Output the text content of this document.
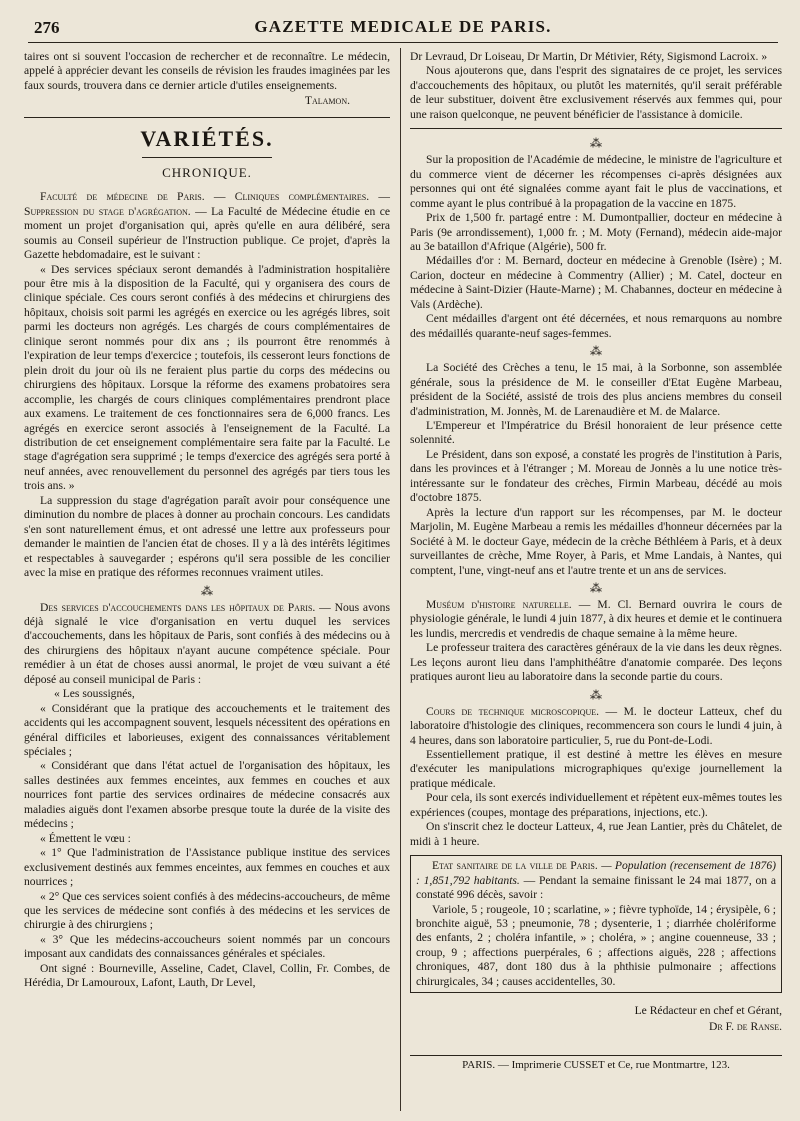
276	GAZETTE MEDICALE DE PARIS.

taires ont si souvent l'occasion de rechercher et de reconnaître. Le médecin, appelé à apprécier devant les conseils de révision les fraudes imaginées par les faux sourds, trouvera dans ce dernier article d'utiles enseignements.

Talamon.
VARIÉTÉS.
CHRONIQUE.

Faculté de médecine de Paris. — Cliniques complémentaires. — Suppression du stage d'agrégation. — La Faculté de Médecine étudie en ce moment un projet d'organisation qui, après qu'elle en aura délibéré, sera soumis au Conseil supérieur de l'Instruction publique. Ce projet, d'après la Gazette hebdomadaire, est le suivant :

« Des services spéciaux seront demandés à l'administration hospitalière pour être mis à la disposition de la Faculté, qui y organisera des cours de clinique spéciale. Ces cours seront confiés à des médecins et chirurgiens des hôpitaux, choisis soit parmi les agrégés en exercice ou les agrégés libres, soit parmi les docteurs non agrégés. Les chargés de cours complémentaires de clinique seront nommés pour dix ans ; ils pourront être renommés à l'expiration de leur temps d'exercice ; toutefois, ils cesseront leurs fonctions de plein droit du jour où ils ne feraient plus partie du corps des médecins ou chirurgiens des hôpitaux. Lorsque la réforme des examens probatoires sera accomplie, les chargés de cours cliniques complémentaires prendront place aux examens. Le traitement de ces fonctionnaires sera de 6,000 francs. Les agrégés en exercice seront associés à l'enseignement de la Faculté. La distribution de cet enseignement complémentaire sera faite par la Faculté. Le stage d'agrégation sera supprimé ; le temps d'exercice des agrégés sera porté à neuf années, avec renouvellement du personnel des agrégés par tiers tous les trois ans. »

La suppression du stage d'agrégation paraît avoir pour conséquence une diminution du nombre de places à donner au prochain concours. Les candidats s'en sont naturellement émus, et ont adressé une lettre aux professeurs pour demander le maintien de l'ancien état de choses. Il y a là des intérêts légitimes et respectables à sauvegarder ; espérons qu'il sera possible de les concilier avec la mise en pratique des réformes reconnues vraiment utiles.

⁂

Des services d'accouchements dans les hôpitaux de Paris. — Nous avons déjà signalé le vice d'organisation en vertu duquel les services d'accouchements, dans les hôpitaux de Paris, sont confiés à des médecins ou à des chirurgiens des hôpitaux n'ayant aucune compétence spéciale. Pour remédier à un état de choses aussi anormal, le projet de vœu suivant a été déposé au conseil municipal de Paris :

« Les soussignés,

« Considérant que la pratique des accouchements et le traitement des accidents qui les accompagnent souvent, lesquels nécessitent des opérations en général difficiles et laborieuses, exigent des connaissances véritablement spéciales ;

« Considérant que dans l'état actuel de l'organisation des hôpitaux, les salles destinées aux femmes enceintes, aux femmes en couches et aux nourrices font partie des services ordinaires de médecine consacrés aux maladies aiguës dont l'examen absorbe presque toute la durée de la visite des médecins ;

« Émettent le vœu :

« 1° Que l'administration de l'Assistance publique institue des services exclusivement destinés aux femmes enceintes, aux femmes en couches et aux nourrices ;

« 2° Que ces services soient confiés à des médecins-accoucheurs, de même que les services de médecine sont confiés à des médecins et les services de chirurgie à des chirurgiens ;

« 3° Que les médecins-accoucheurs soient nommés par un concours imposant aux candidats des connaissances générales et spéciales.

Ont signé : Bourneville, Asseline, Cadet, Clavel, Collin, Fr. Combes, de Hérédia, Dr Lamouroux, Lafont, Lauth, Dr Level,

Dr Levraud, Dr Loiseau, Dr Martin, Dr Métivier, Réty, Sigismond Lacroix. »

Nous ajouterons que, dans l'esprit des signataires de ce projet, les services d'accouchements des hôpitaux, ou plutôt les maternités, qu'il serait préférable de leur substituer, doivent être exclusivement réservés aux femmes qui, pour une raison quelconque, ne peuvent bénéficier de l'assistance à domicile.

⁂

Sur la proposition de l'Académie de médecine, le ministre de l'agriculture et du commerce vient de décerner les récompenses ci-après désignées aux personnes qui ont été signalées comme ayant fait le plus de vaccinations, et comme ayant le plus contribué à la propagation de la vaccine en 1875.

Prix de 1,500 fr. partagé entre : M. Dumontpallier, docteur en médecine à Paris (9e arrondissement), 1,000 fr. ; M. Moty (Fernand), médecin aide-major au 3e bataillon d'Afrique (Algérie), 500 fr.

Médailles d'or : M. Bernard, docteur en médecine à Grenoble (Isère) ; M. Carion, docteur en médecine à Commentry (Allier) ; M. Catel, docteur en médecine à Saint-Dizier (Haute-Marne) ; M. Chabannes, docteur en médecine à Vals (Ardèche).

Cent médailles d'argent ont été décernées, et nous remarquons au nombre des médaillés quarante-neuf sages-femmes.

⁂

La Société des Crèches a tenu, le 15 mai, à la Sorbonne, son assemblée générale, sous la présidence de M. le conseiller d'Etat Eugène Marbeau, président de la Société, assisté de trois des plus anciens membres du conseil d'administration, M. Jonnès, M. de Larenaudière et M. de Malarce.

L'Empereur et l'Impératrice du Brésil honoraient de leur présence cette solennité.

Le Président, dans son exposé, a constaté les progrès de l'institution à Paris, dans les provinces et à l'étranger ; M. Moreau de Jonnès a lu une notice très-intéressante sur le fondateur des crèches, Firmin Marbeau, décédé au mois d'octobre 1875.

Après la lecture d'un rapport sur les récompenses, par M. le docteur Marjolin, M. Eugène Marbeau a remis les médailles d'honneur décernées par la Société à M. le docteur Gaye, médecin de la crèche Béthléem à Paris, et à deux surveillantes de crèche, Mme Royer, à Paris, et Mme Landais, à Nantes, qui comptent, l'une, vingt-neuf ans et l'autre trente et un ans de services.

⁂

Muséum d'histoire naturelle. — M. Cl. Bernard ouvrira le cours de physiologie générale, le lundi 4 juin 1877, à dix heures et demie et le continuera les lundis, mercredis et vendredis de chaque semaine à la même heure.

Le professeur traitera des caractères généraux de la vie dans les deux règnes. Les leçons auront lieu dans l'amphithéâtre d'anatomie comparée. Des leçons pratiques auront lieu au laboratoire dans la seconde partie du cours.

⁂

Cours de technique microscopique. — M. le docteur Latteux, chef du laboratoire d'histologie des cliniques, recommencera son cours le lundi 4 juin, à 4 heures, dans son laboratoire particulier, 5, rue du Pont-de-Lodi.

Essentiellement pratique, il est destiné à mettre les élèves en mesure d'exécuter les manipulations micrographiques qu'exige journellement la pratique médicale.

Pour cela, ils sont exercés individuellement et répètent eux-mêmes toutes les expériences (coupes, montage des préparations, injections, etc.).

On s'inscrit chez le docteur Latteux, 4, rue Jean Lantier, près du Châtelet, de midi à 1 heure.

Etat sanitaire de la ville de Paris. — Population (recensement de 1876) : 1,851,792 habitants. — Pendant la semaine finissant le 24 mai 1877, on a constaté 996 décès, savoir :

Variole, 5 ; rougeole, 10 ; scarlatine, » ; fièvre typhoïde, 14 ; érysipèle, 6 ; bronchite aiguë, 53 ; pneumonie, 78 ; dysenterie, 1 ; diarrhée cholériforme des enfants, 2 ; choléra infantile, » ; choléra, » ; angine couenneuse, 33 ; croup, 9 ; affections puerpérales, 6 ; affections aiguës, 228 ; affections chroniques, 487, dont 180 dus à la phthisie pulmonaire ; affections chirurgicales, 34 ; causes accidentelles, 30.

Le Rédacteur en chef et Gérant,
Dr F. de Ranse.
PARIS. — Imprimerie CUSSET et Ce, rue Montmartre, 123.
